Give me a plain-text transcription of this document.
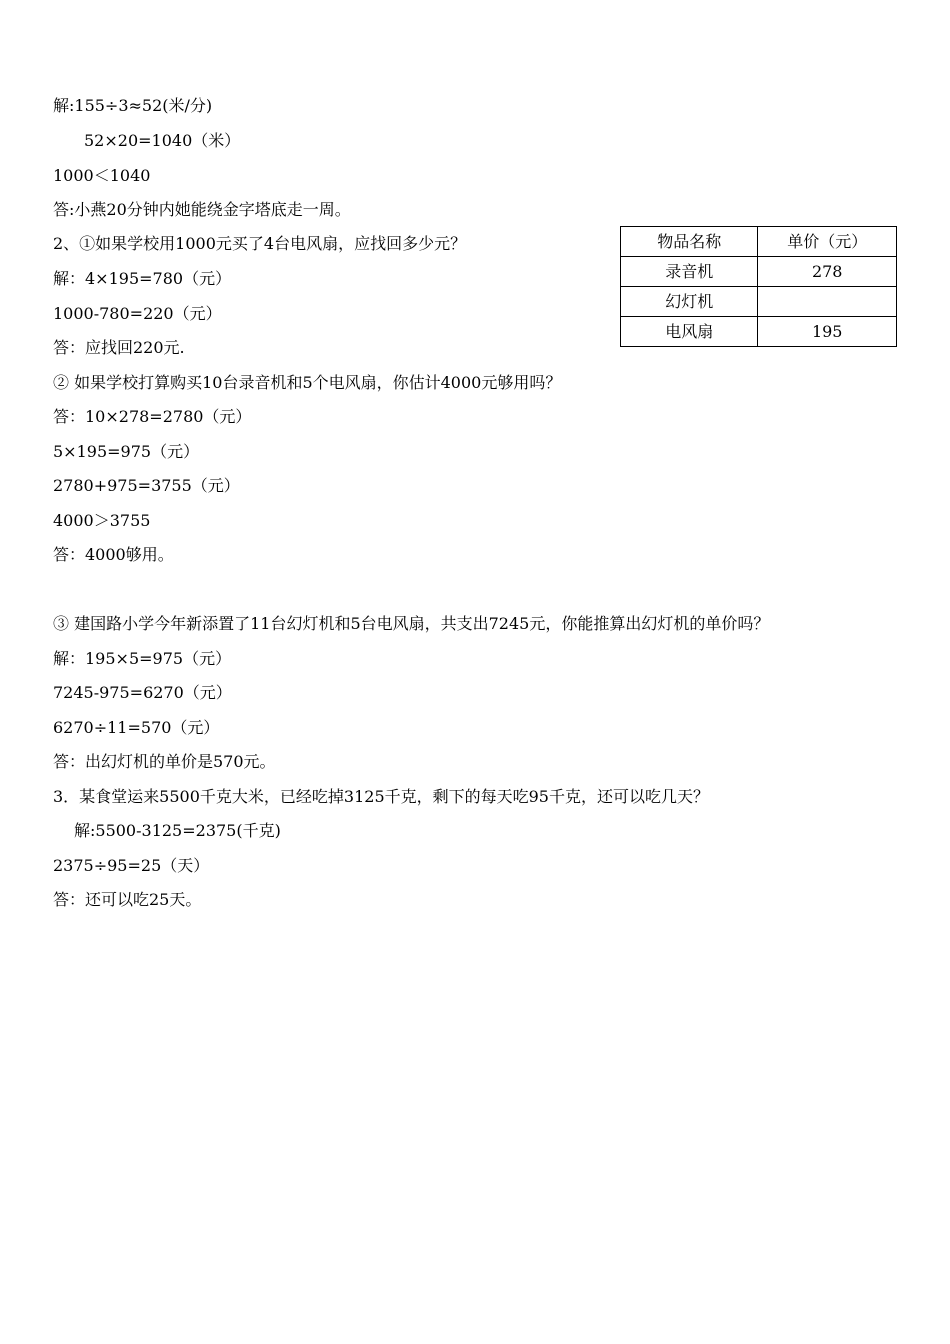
解:155÷3≈52(米/分)
52×20=1040（米）
1000＜1040
答:小燕20分钟内她能绕金字塔底走一周。
2、①如果学校用1000元买了4台电风扇，应找回多少元？
解：4×195=780（元）
1000-780=220（元）
答：应找回220元.
② 如果学校打算购买10台录音机和5个电风扇，你估计4000元够用吗？
答：10×278=2780（元）
5×195=975（元）
2780+975=3755（元）
4000＞3755
答：4000够用。
③ 建国路小学今年新添置了11台幻灯机和5台电风扇，共支出7245元，你能推算出幻灯机的单价吗？
解：195×5=975（元）
7245-975=6270（元）
6270÷11=570（元）
答：出幻灯机的单价是570元。
3．某食堂运来5500千克大米，已经吃掉3125千克，剩下的每天吃95千克，还可以吃几天？
解:5500-3125=2375(千克)
2375÷95=25（天）
答：还可以吃25天。
物品名称	单价（元）
录音机	278
幻灯机	
电风扇	195
